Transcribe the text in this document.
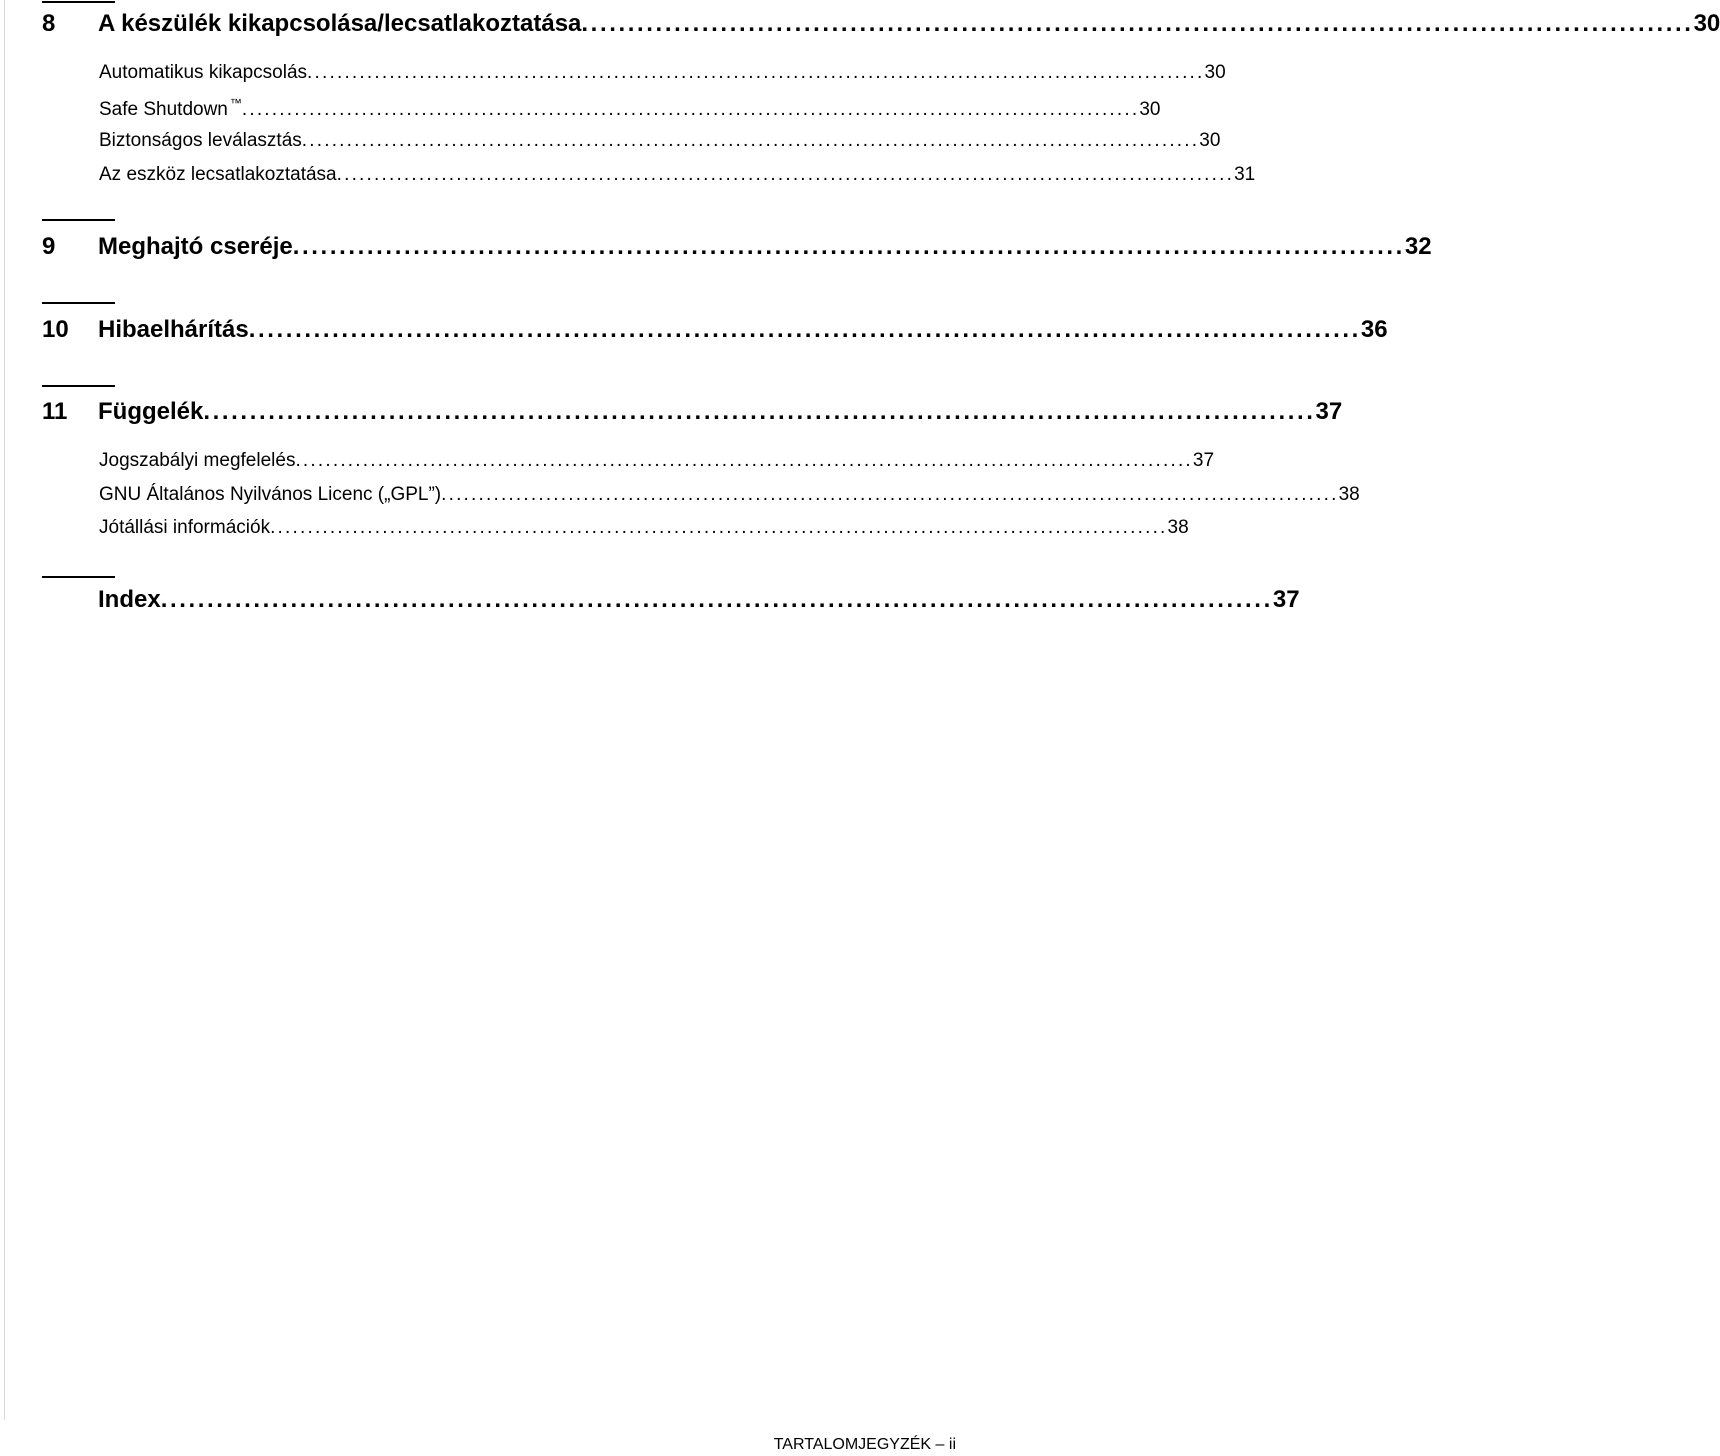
8	A készülék kikapcsolása/lecsatlakoztatása ........................................................................................................................ 30
Automatikus kikapcsolás ........................................................................................................................ 30
Safe Shutdown ™ ........................................................................................................................ 30
Biztonságos leválasztás ........................................................................................................................ 30
Az eszköz lecsatlakoztatása ........................................................................................................................ 31
9	Meghajtó cseréje ........................................................................................................................ 32
10	Hibaelhárítás ........................................................................................................................ 36
11	Függelék ........................................................................................................................ 37
Jogszabályi megfelelés ........................................................................................................................ 37
GNU Általános Nyilvános Licenc („GPL”) ........................................................................................................................ 38
Jótállási információk ........................................................................................................................ 38
Index ........................................................................................................................ 37
TARTALOMJEGYZÉK – ii
